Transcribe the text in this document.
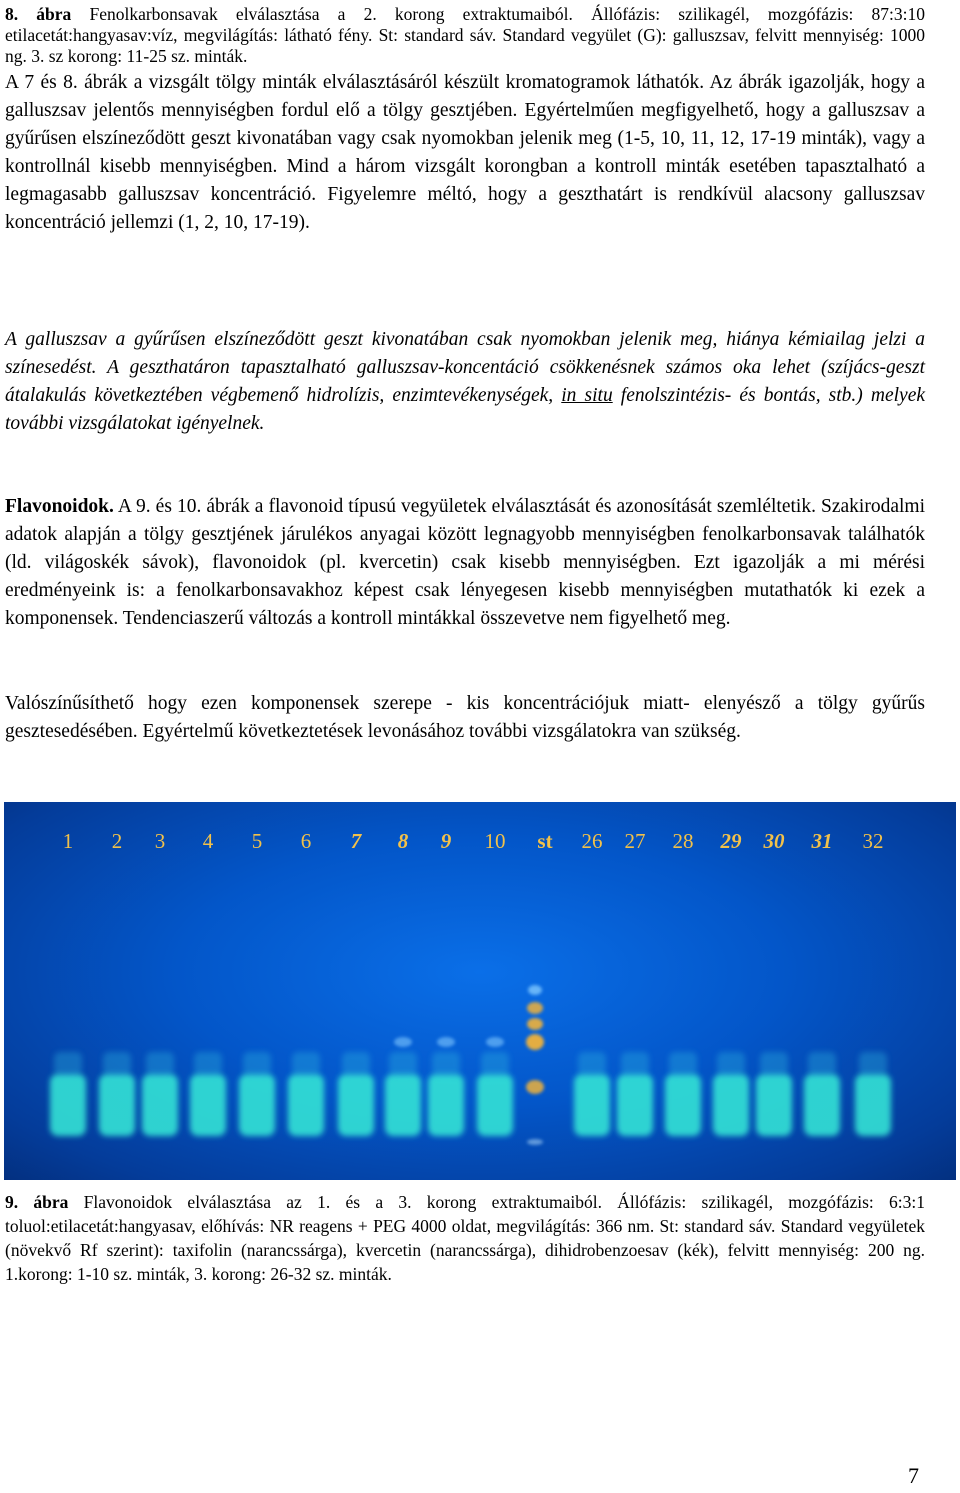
8. ábra Fenolkarbonsavak elválasztása a 2. korong extraktumaiból. Állófázis: szilikagél, mozgófázis: 87:3:10 etilacetát:hangyasav:víz, megvilágítás: látható fény. St: standard sáv. Standard vegyület (G): galluszsav, felvitt mennyiség: 1000 ng. 3. sz korong: 11-25 sz. minták.
A 7 és 8. ábrák a vizsgált tölgy minták elválasztásáról készült kromatogramok láthatók. Az ábrák igazolják, hogy a galluszsav jelentős mennyiségben fordul elő a tölgy gesztjében. Egyértelműen megfigyelhető, hogy a galluszsav a gyűrűsen elszíneződött geszt kivonatában vagy csak nyomokban jelenik meg (1-5, 10, 11, 12, 17-19 minták), vagy a kontrollnál kisebb mennyiségben. Mind a három vizsgált korongban a kontroll minták esetében tapasztalható a legmagasabb galluszsav koncentráció. Figyelemre méltó, hogy a geszthatárt is rendkívül alacsony galluszsav koncentráció jellemzi (1, 2, 10, 17-19).
A galluszsav a gyűrűsen elszíneződött geszt kivonatában csak nyomokban jelenik meg, hiánya kémiailag jelzi a színesedést. A geszthatáron tapasztalható galluszsav-koncentáció csökkenésnek számos oka lehet (szíjács-geszt átalakulás következtében végbemenő hidrolízis, enzimtevékenységek, in situ fenolszintézis- és bontás, stb.) melyek további vizsgálatokat igényelnek.
Flavonoidok. A 9. és 10. ábrák a flavonoid típusú vegyületek elválasztását és azonosítását szemléltetik. Szakirodalmi adatok alapján a tölgy gesztjének járulékos anyagai között legnagyobb mennyiségben fenolkarbonsavak találhatók (ld. világoskék sávok), flavonoidok (pl. kvercetin) csak kisebb mennyiségben. Ezt igazolják a mi mérési eredményeink is: a fenolkarbonsavakhoz képest csak lényegesen kisebb mennyiségben mutathatók ki ezek a komponensek. Tendenciaszerű változás a kontroll mintákkal összevetve nem figyelhető meg.
Valószínűsíthető hogy ezen komponensek szerepe - kis koncentrációjuk miatt- elenyésző a tölgy gyűrűs gesztesedésében. Egyértelmű következtetések levonásához további vizsgálatokra van szükség.
1 2 3 4 5 6 7 8 9 10 st 26 27 28 29 30 31 32
9. ábra Flavonoidok elválasztása az 1. és a 3. korong extraktumaiból. Állófázis: szilikagél, mozgófázis: 6:3:1 toluol:etilacetát:hangyasav, előhívás: NR reagens + PEG 4000 oldat, megvilágítás: 366 nm. St: standard sáv. Standard vegyületek (növekvő Rf szerint): taxifolin (narancssárga), kvercetin (narancssárga), dihidrobenzoesav (kék), felvitt mennyiség: 200 ng. 1.korong: 1-10 sz. minták, 3. korong: 26-32 sz. minták.
7
